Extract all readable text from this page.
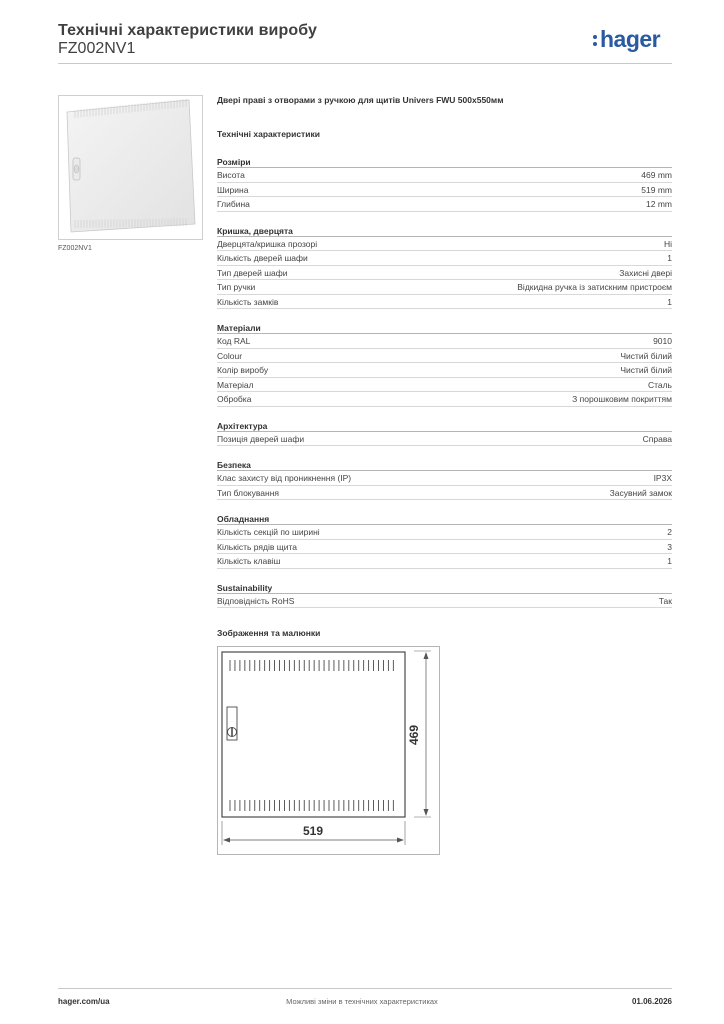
Технічні характеристики виробу
FZ002NV1	hager
FZ002NV1
Двері праві з отворами з ручкою для щитів Univers FWU 500x550мм
Технічні характеристики
Розміри
Висота	469 mm
Ширина	519 mm
Глибина	12 mm
Кришка, дверцята
Дверцята/кришка прозорі	Ні
Кількість дверей шафи	1
Тип дверей шафи	Захисні двері
Тип ручки	Відкидна ручка із затискним пристроєм
Кількість замків	1
Матеріали
Код RAL	9010
Colour	Чистий білий
Колір виробу	Чистий білий
Матеріал	Сталь
Обробка	З порошковим покриттям
Архітектура
Позиція дверей шафи	Справа
Безпека
Клас захисту від проникнення (IP)	IP3X
Тип блокування	Засувний замок
Обладнання
Кількість секцій по ширині	2
Кількість рядів щита	3
Кількість клавіш	1
Sustainability
Відповідність RoHS	Так
Зображення та малюнки
469
519
hager.com/ua	Можливі зміни в технічних характеристиках	01.06.2026
